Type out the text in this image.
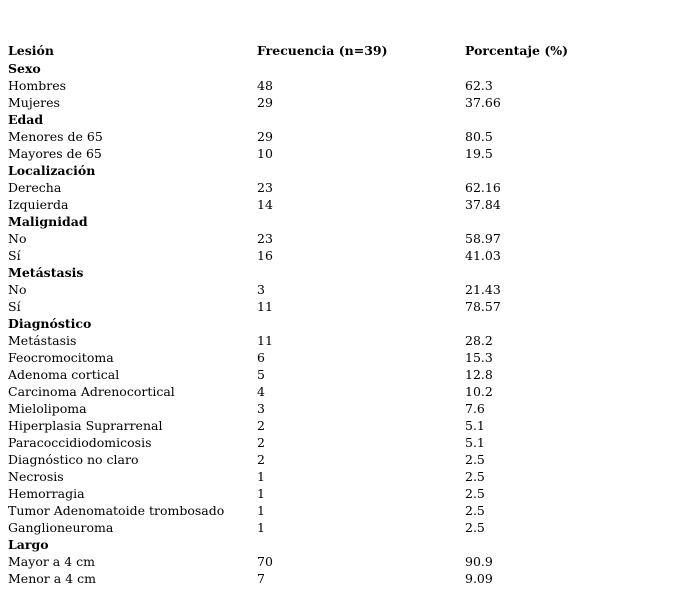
Lesión	Frecuencia (n=39)	Porcentaje (%)
Sexo		
Hombres	48	62.3
Mujeres	29	37.66
Edad		
Menores de 65	29	80.5
Mayores de 65	10	19.5
Localización		
Derecha	23	62.16
Izquierda	14	37.84
Malignidad		
No	23	58.97
Sí	16	41.03
Metástasis		
No	3	21.43
Sí	11	78.57
Diagnóstico		
Metástasis	11	28.2
Feocromocitoma	6	15.3
Adenoma cortical	5	12.8
Carcinoma Adrenocortical	4	10.2
Mielolipoma	3	7.6
Hiperplasia Suprarrenal	2	5.1
Paracoccidiodomicosis	2	5.1
Diagnóstico no claro	2	2.5
Necrosis	1	2.5
Hemorragia	1	2.5
Tumor Adenomatoide trombosado	1	2.5
Ganglioneuroma	1	2.5
Largo		
Mayor a 4 cm	70	90.9
Menor a 4 cm	7	9.09
